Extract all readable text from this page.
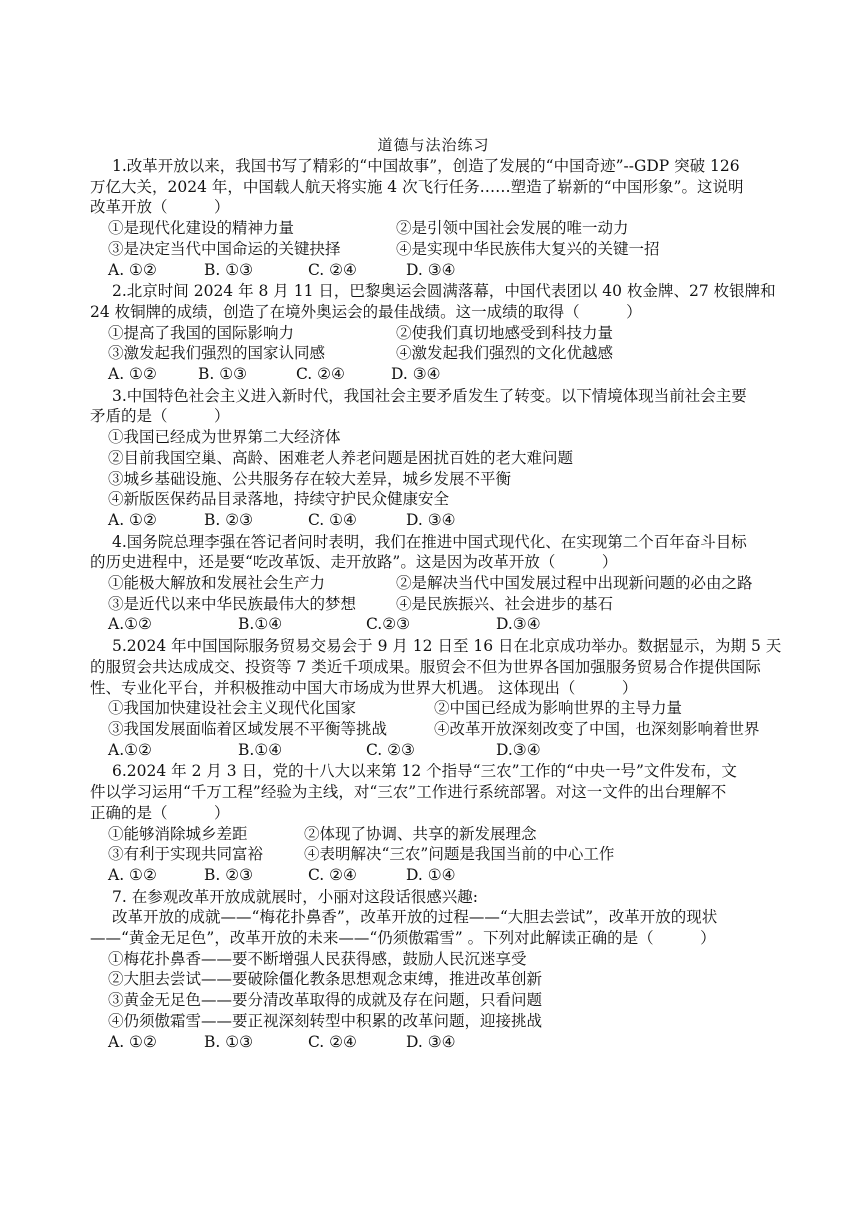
道德与法治练习
1.改革开放以来，我国书写了精彩的“中国故事”，创造了发展的“中国奇迹”--GDP 突破 126
万亿大关，2024 年，中国载人航天将实施 4 次飞行任务……塑造了崭新的“中国形象”。这说明
改革开放（　　　）
①是现代化建设的精神力量	②是引领中国社会发展的唯一动力
③是决定当代中国命运的关键抉择	④是实现中华民族伟大复兴的关键一招
A. ①②	B. ①③	C. ②④	D. ③④
2.北京时间 2024 年 8 月 11 日，巴黎奥运会圆满落幕，中国代表团以 40 枚金牌、27 枚银牌和
24 枚铜牌的成绩，创造了在境外奥运会的最佳战绩。这一成绩的取得（　　　）
①提高了我国的国际影响力	②使我们真切地感受到科技力量
③激发起我们强烈的国家认同感	④激发起我们强烈的文化优越感
A. ①②	B. ①③	C. ②④	D. ③④
3.中国特色社会主义进入新时代，我国社会主要矛盾发生了转变。以下情境体现当前社会主要
矛盾的是（　　　）
①我国已经成为世界第二大经济体
②目前我国空巢、高龄、困难老人养老问题是困扰百姓的老大难问题
③城乡基础设施、公共服务存在较大差异，城乡发展不平衡
④新版医保药品目录落地，持续守护民众健康安全
A. ①②	B. ②③	C. ①④	D. ③④
4.国务院总理李强在答记者问时表明，我们在推进中国式现代化、在实现第二个百年奋斗目标
的历史进程中，还是要“吃改革饭、走开放路”。这是因为改革开放（　　　）
①能极大解放和发展社会生产力	②是解决当代中国发展过程中出现新问题的必由之路
③是近代以来中华民族最伟大的梦想	④是民族振兴、社会进步的基石
A.①②	B.①④	C.②③	D.③④
5.2024 年中国国际服务贸易交易会于 9 月 12 日至 16 日在北京成功举办。数据显示，为期 5 天
的服贸会共达成成交、投资等 7 类近千项成果。服贸会不但为世界各国加强服务贸易合作提供国际
性、专业化平台，并积极推动中国大市场成为世界大机遇。 这体现出（　　　）
①我国加快建设社会主义现代化国家	②中国已经成为影响世界的主导力量
③我国发展面临着区域发展不平衡等挑战	④改革开放深刻改变了中国，也深刻影响着世界
A.①②	B.①④	C. ②③	D.③④
6.2024 年 2 月 3 日，党的十八大以来第 12 个指导“三农”工作的“中央一号”文件发布，文
件以学习运用“千万工程”经验为主线，对“三农”工作进行系统部署。对这一文件的出台理解不
正确的是（　　　）
①能够消除城乡差距	②体现了协调、共享的新发展理念
③有利于实现共同富裕	④表明解决“三农”问题是我国当前的中心工作
A. ①②	B. ②③	C. ②④	D. ①④
7. 在参观改革开放成就展时，小丽对这段话很感兴趣:
改革开放的成就——“梅花扑鼻香”，改革开放的过程——“大胆去尝试”，改革开放的现状
——“黄金无足色”，改革开放的未来——“仍须傲霜雪” 。下列对此解读正确的是（　　　）
①梅花扑鼻香——要不断增强人民获得感，鼓励人民沉迷享受
②大胆去尝试——要破除僵化教条思想观念束缚，推进改革创新
③黄金无足色——要分清改革取得的成就及存在问题，只看问题
④仍须傲霜雪——要正视深刻转型中积累的改革问题，迎接挑战
A. ①②	B. ①③	C. ②④	D. ③④
